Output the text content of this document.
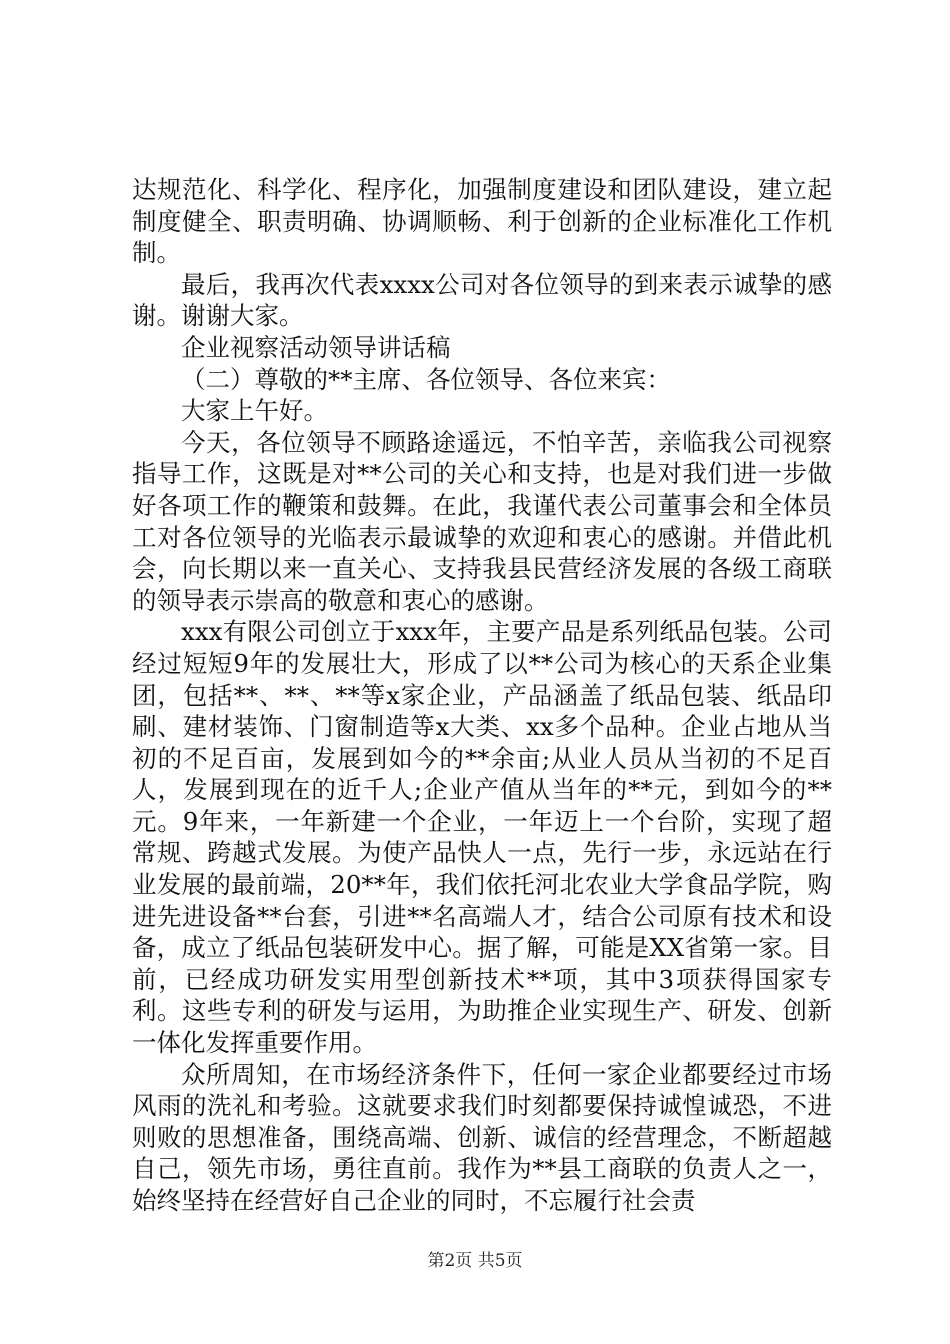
达规范化、科学化、程序化，加强制度建设和团队建设，建立起制度健全、职责明确、协调顺畅、利于创新的企业标准化工作机制。

最后，我再次代表xxxx公司对各位领导的到来表示诚挚的感谢。谢谢大家。

企业视察活动领导讲话稿

（二）尊敬的**主席、各位领导、各位来宾：

大家上午好。

今天，各位领导不顾路途遥远，不怕辛苦，亲临我公司视察指导工作，这既是对**公司的关心和支持，也是对我们进一步做好各项工作的鞭策和鼓舞。在此，我谨代表公司董事会和全体员工对各位领导的光临表示最诚挚的欢迎和衷心的感谢。并借此机会，向长期以来一直关心、支持我县民营经济发展的各级工商联的领导表示崇高的敬意和衷心的感谢。

xxx有限公司创立于xxx年，主要产品是系列纸品包装。公司经过短短9年的发展壮大，形成了以**公司为核心的天系企业集团，包括**、**、**等x家企业，产品涵盖了纸品包装、纸品印刷、建材装饰、门窗制造等x大类、xx多个品种。企业占地从当初的不足百亩，发展到如今的**余亩;从业人员从当初的不足百人，发展到现在的近千人;企业产值从当年的**元，到如今的**元。9年来，一年新建一个企业，一年迈上一个台阶，实现了超常规、跨越式发展。为使产品快人一点，先行一步，永远站在行业发展的最前端，20**年，我们依托河北农业大学食品学院，购进先进设备**台套，引进**名高端人才，结合公司原有技术和设备，成立了纸品包装研发中心。据了解，可能是XX省第一家。目前，已经成功研发实用型创新技术**项，其中3项获得国家专利。这些专利的研发与运用，为助推企业实现生产、研发、创新一体化发挥重要作用。

众所周知，在市场经济条件下，任何一家企业都要经过市场风雨的洗礼和考验。这就要求我们时刻都要保持诚惶诚恐，不进则败的思想准备，围绕高端、创新、诚信的经营理念，不断超越自己，领先市场，勇往直前。我作为**县工商联的负责人之一，始终坚持在经营好自己企业的同时，不忘履行社会责

第2页 共5页
